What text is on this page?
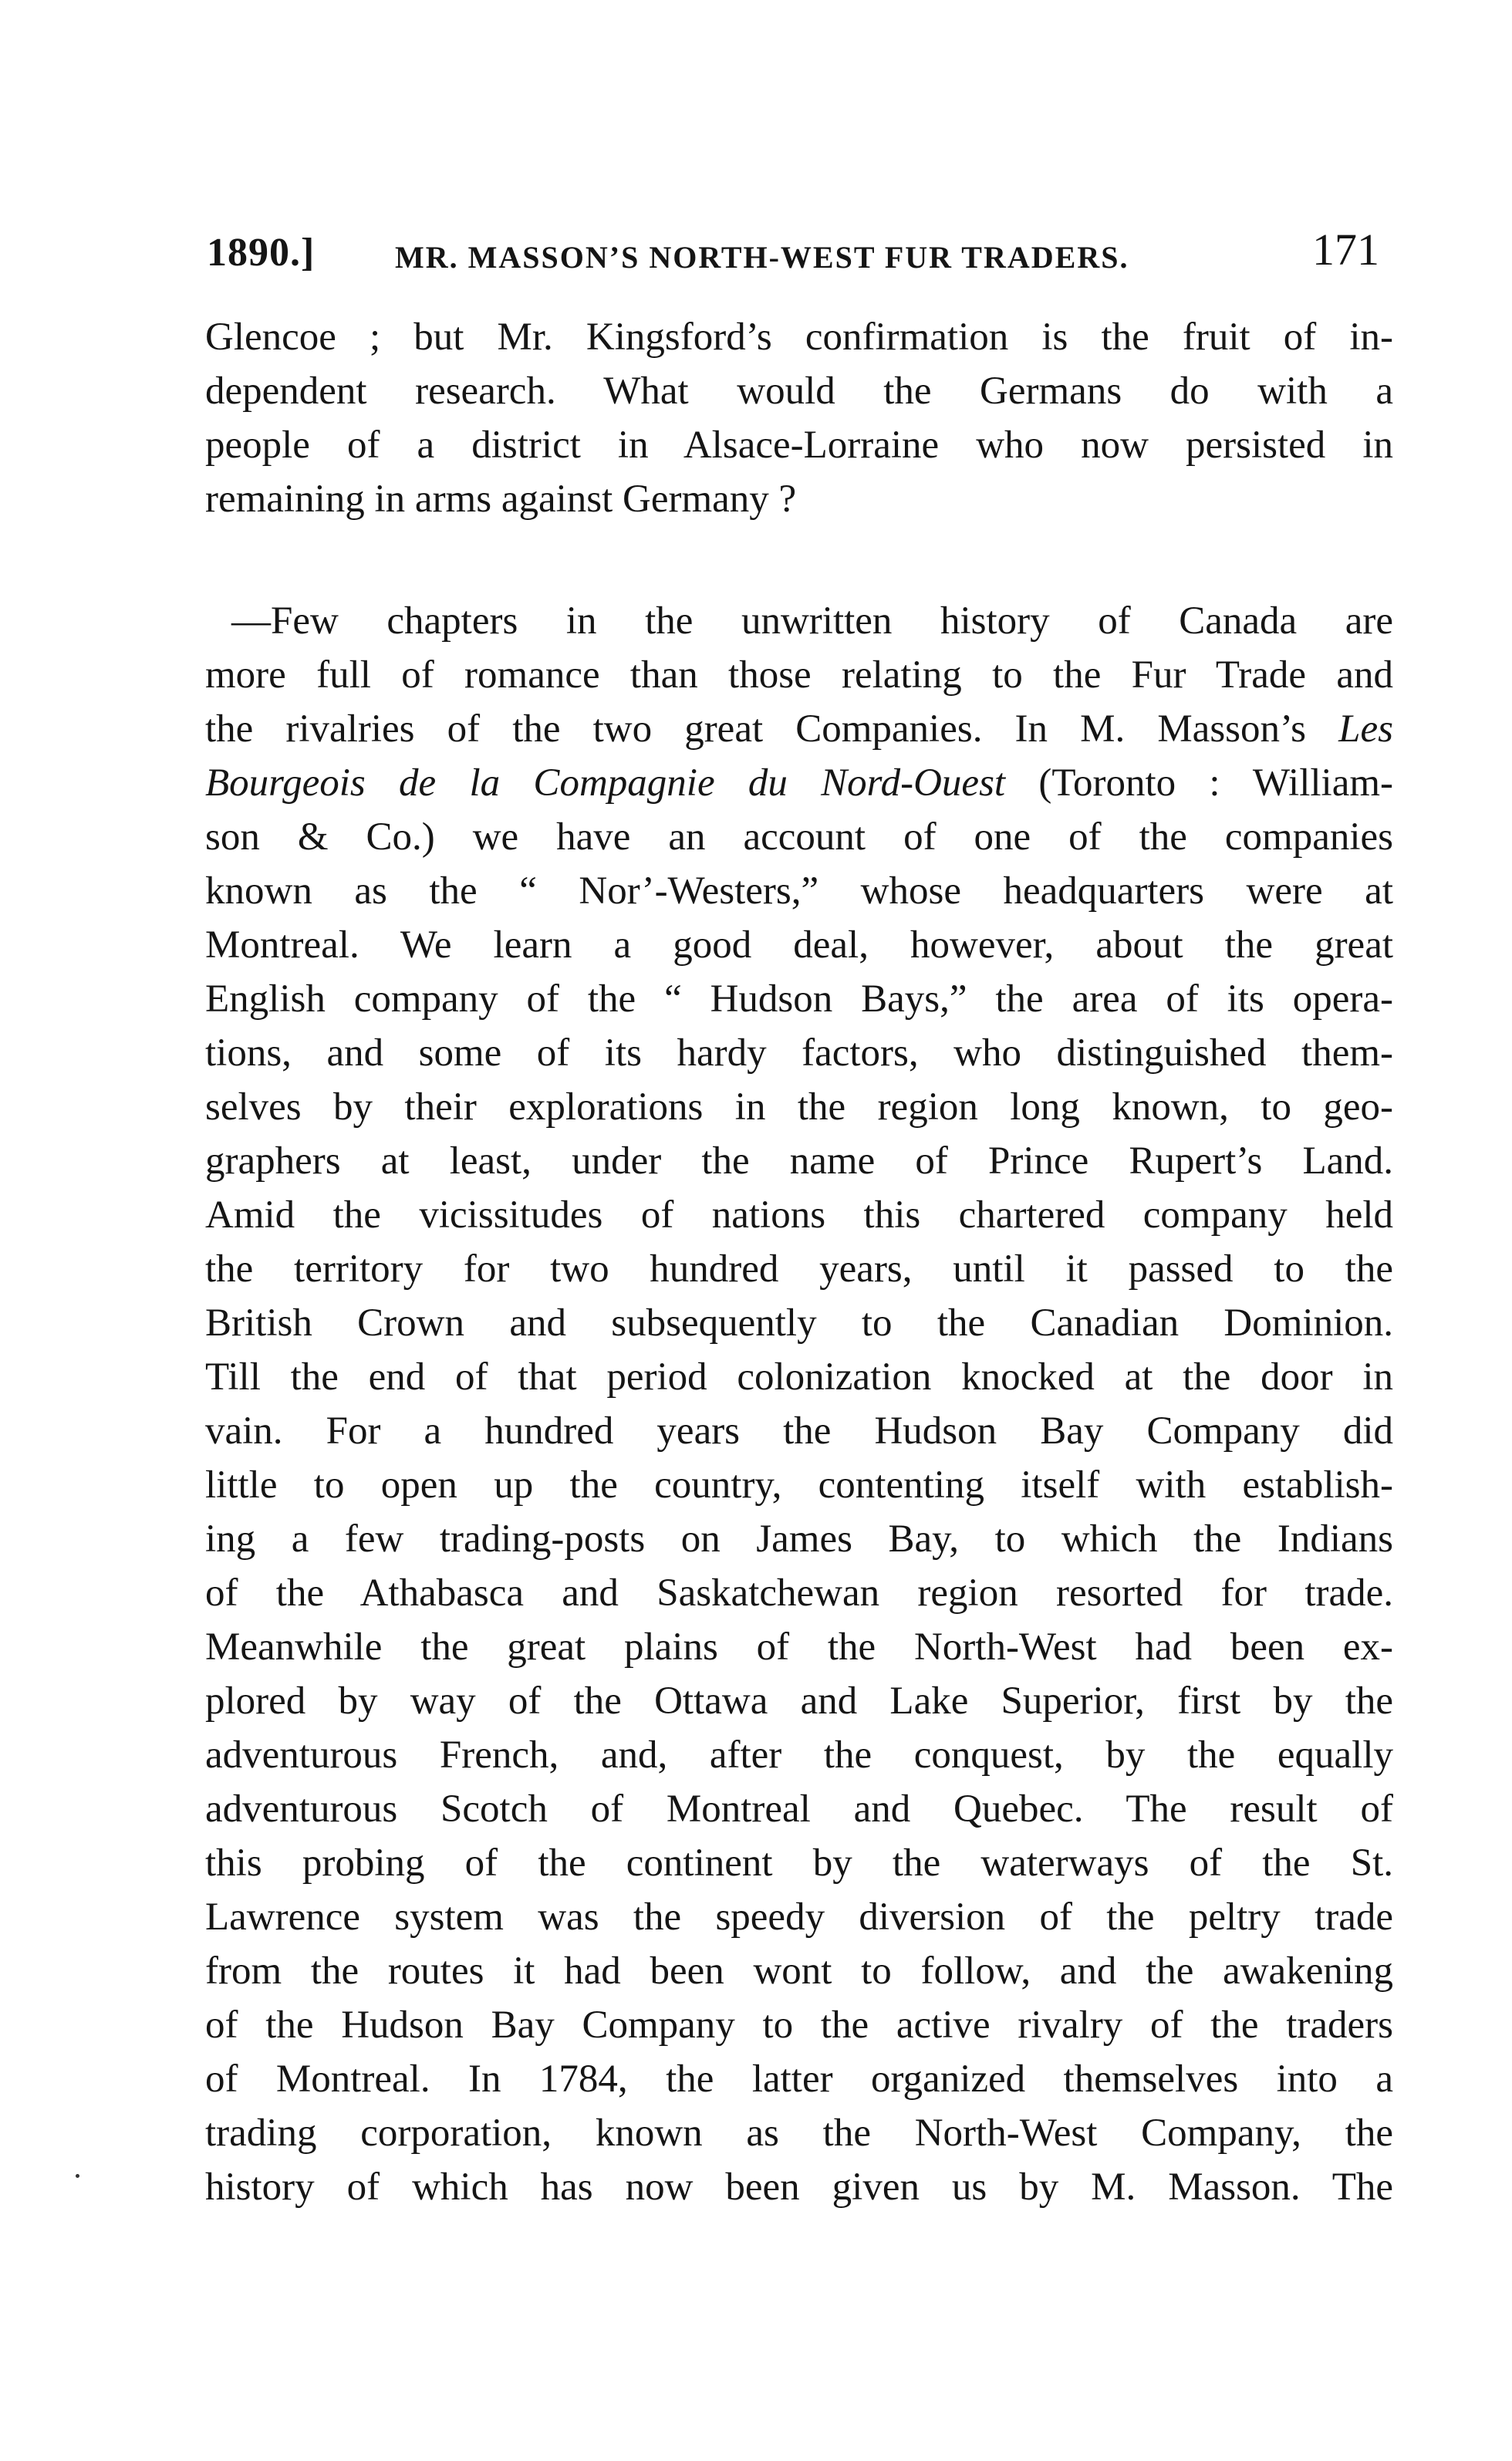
1890.]	MR. MASSON’S NORTH-WEST FUR TRADERS.	171
Glencoe ; but Mr. Kingsford’s confirmation is the fruit of in-
dependent research. What would the Germans do with a
people of a district in Alsace-Lorraine who now persisted in
remaining in arms against Germany ?
—Few chapters in the unwritten history of Canada are
more full of romance than those relating to the Fur Trade and
the rivalries of the two great Companies. In M. Masson’s Les
Bourgeois de la Compagnie du Nord-Ouest (Toronto : William-
son & Co.) we have an account of one of the companies
known as the “ Nor’-Westers,” whose headquarters were at
Montreal. We learn a good deal, however, about the great
English company of the “ Hudson Bays,” the area of its opera-
tions, and some of its hardy factors, who distinguished them-
selves by their explorations in the region long known, to geo-
graphers at least, under the name of Prince Rupert’s Land.
Amid the vicissitudes of nations this chartered company held
the territory for two hundred years, until it passed to the
British Crown and subsequently to the Canadian Dominion.
Till the end of that period colonization knocked at the door in
vain. For a hundred years the Hudson Bay Company did
little to open up the country, contenting itself with establish-
ing a few trading-posts on James Bay, to which the Indians
of the Athabasca and Saskatchewan region resorted for trade.
Meanwhile the great plains of the North-West had been ex-
plored by way of the Ottawa and Lake Superior, first by the
adventurous French, and, after the conquest, by the equally
adventurous Scotch of Montreal and Quebec. The result of
this probing of the continent by the waterways of the St.
Lawrence system was the speedy diversion of the peltry trade
from the routes it had been wont to follow, and the awakening
of the Hudson Bay Company to the active rivalry of the traders
of Montreal. In 1784, the latter organized themselves into a
trading corporation, known as the North-West Company, the
history of which has now been given us by M. Masson. The
